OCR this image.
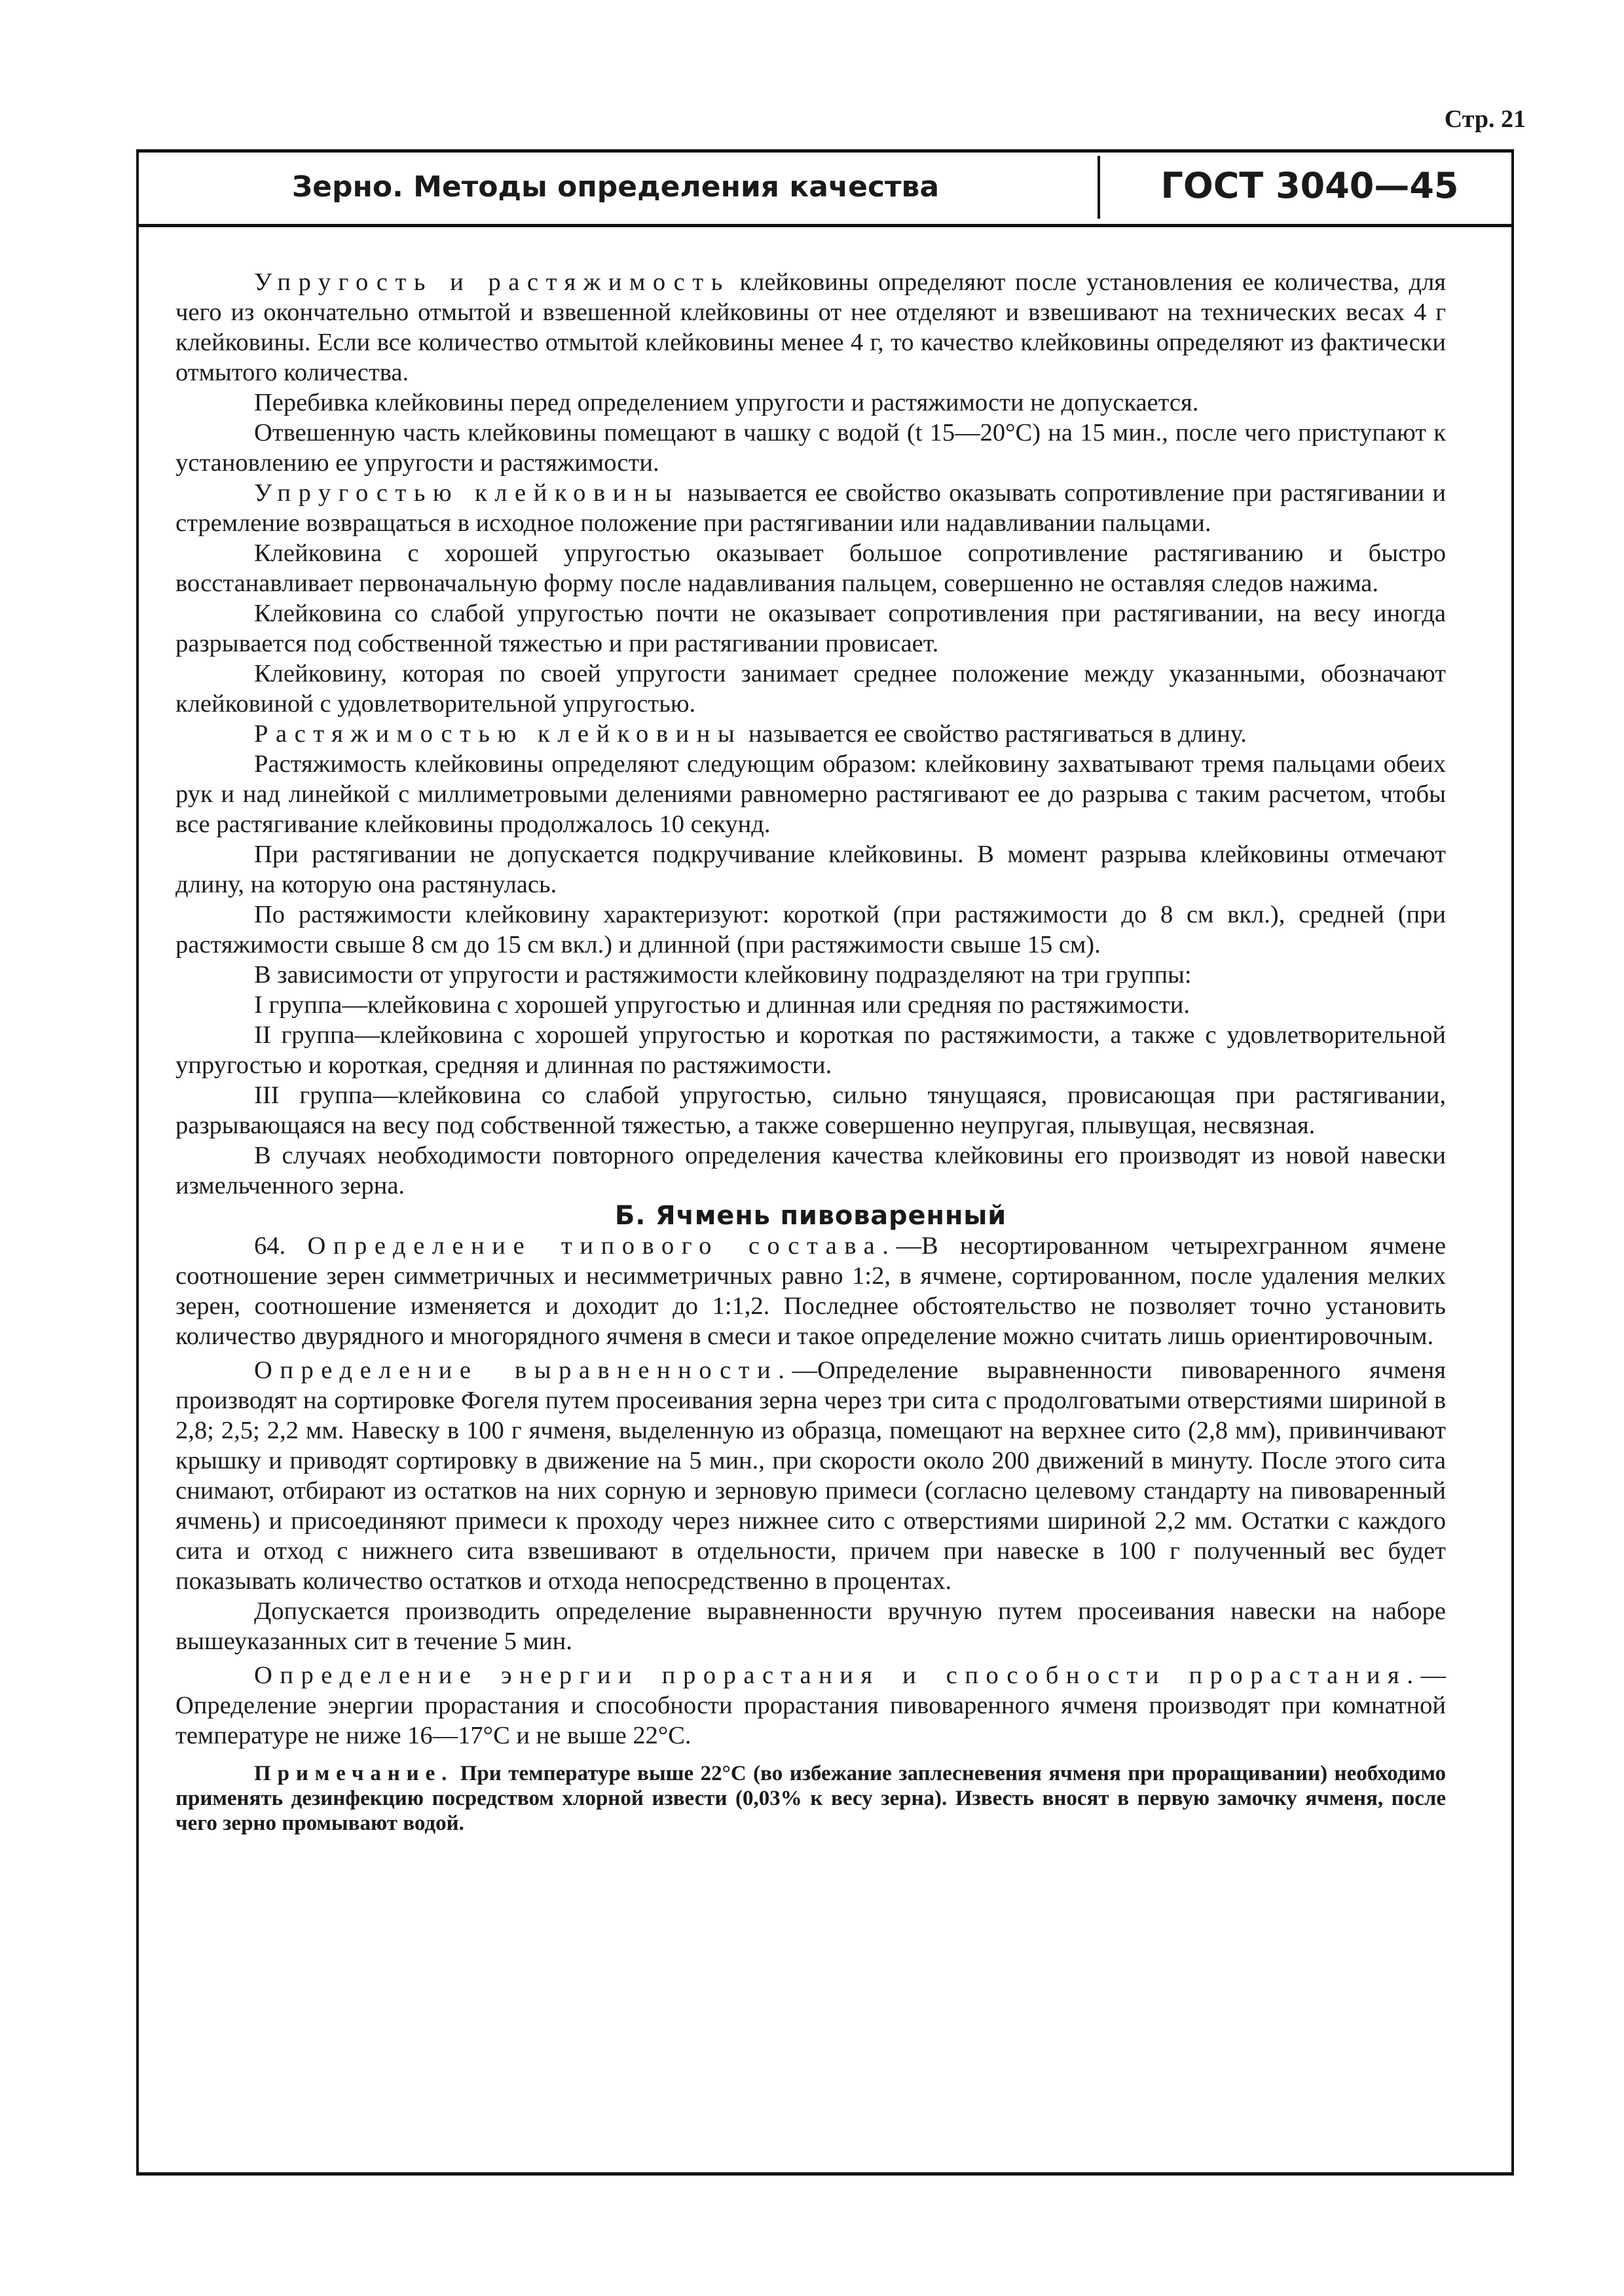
Стр. 21
Зерно. Методы определения качества	ГОСТ 3040—45

Упругость и растяжимость клейковины определяют после установления ее количества, для чего из окончательно отмытой и взвешенной клейковины от нее отделяют и взвешивают на технических весах 4 г клейковины. Если все количество отмытой клейковины менее 4 г, то качество клейковины определяют из фактически отмытого количества.

Перебивка клейковины перед определением упругости и растяжимости не допускается.

Отвешенную часть клейковины помещают в чашку с водой (t 15—20°С) на 15 мин., после чего приступают к установлению ее упругости и растяжимости.

Упругостью клейковины называется ее свойство оказывать сопротивление при растягивании и стремление возвращаться в исходное положение при растягивании или надавливании пальцами.

Клейковина с хорошей упругостью оказывает большое сопротивление растягиванию и быстро восстанавливает первоначальную форму после надавливания пальцем, совершенно не оставляя следов нажима.

Клейковина со слабой упругостью почти не оказывает сопротивления при растягивании, на весу иногда разрывается под собственной тяжестью и при растягивании провисает.

Клейковину, которая по своей упругости занимает среднее положение между указанными, обозначают клейковиной с удовлетворительной упругостью.

Растяжимостью клейковины называется ее свойство растягиваться в длину.

Растяжимость клейковины определяют следующим образом: клейковину захватывают тремя пальцами обеих рук и над линейкой с миллиметровыми делениями равномерно растягивают ее до разрыва с таким расчетом, чтобы все растягивание клейковины продолжалось 10 секунд.

При растягивании не допускается подкручивание клейковины. В момент разрыва клейковины отмечают длину, на которую она растянулась.

По растяжимости клейковину характеризуют: короткой (при растяжимости до 8 см вкл.), средней (при растяжимости свыше 8 см до 15 см вкл.) и длинной (при растяжимости свыше 15 см).

В зависимости от упругости и растяжимости клейковину подразделяют на три группы:

I группа—клейковина с хорошей упругостью и длинная или средняя по растяжимости.

II группа—клейковина с хорошей упругостью и короткая по растяжимости, а также с удовлетворительной упругостью и короткая, средняя и длинная по растяжимости.

III группа—клейковина со слабой упругостью, сильно тянущаяся, провисающая при растягивании, разрывающаяся на весу под собственной тяжестью, а также совершенно неупругая, плывущая, несвязная.

В случаях необходимости повторного определения качества клейковины его производят из новой навески измельченного зерна.

Б. Ячмень пивоваренный

64. Определение типового состава.—В несортированном четырехгранном ячмене соотношение зерен симметричных и несимметричных равно 1:2, в ячмене, сортированном, после удаления мелких зерен, соотношение изменяется и доходит до 1:1,2. Последнее обстоятельство не позволяет точно установить количество двурядного и многорядного ячменя в смеси и такое определение можно считать лишь ориентировочным.

Определение выравненности.—Определение выравненности пивоваренного ячменя производят на сортировке Фогеля путем просеивания зерна через три сита с продолговатыми отверстиями шириной в 2,8; 2,5; 2,2 мм. Навеску в 100 г ячменя, выделенную из образца, помещают на верхнее сито (2,8 мм), привинчивают крышку и приводят сортировку в движение на 5 мин., при скорости около 200 движений в минуту. После этого сита снимают, отбирают из остатков на них сорную и зерновую примеси (согласно целевому стандарту на пивоваренный ячмень) и присоединяют примеси к проходу через нижнее сито с отверстиями шириной 2,2 мм. Остатки с каждого сита и отход с нижнего сита взвешивают в отдельности, причем при навеске в 100 г полученный вес будет показывать количество остатков и отхода непосредственно в процентах.

Допускается производить определение выравненности вручную путем просеивания навески на наборе вышеуказанных сит в течение 5 мин.

Определение энергии прорастания и способности прорастания.—Определение энергии прорастания и способности прорастания пивоваренного ячменя производят при комнатной температуре не ниже 16—17°С и не выше 22°С.

Примечание. При температуре выше 22°С (во избежание заплесневения ячменя при проращивании) необходимо применять дезинфекцию посредством хлорной извести (0,03% к весу зерна). Известь вносят в первую замочку ячменя, после чего зерно промывают водой.
